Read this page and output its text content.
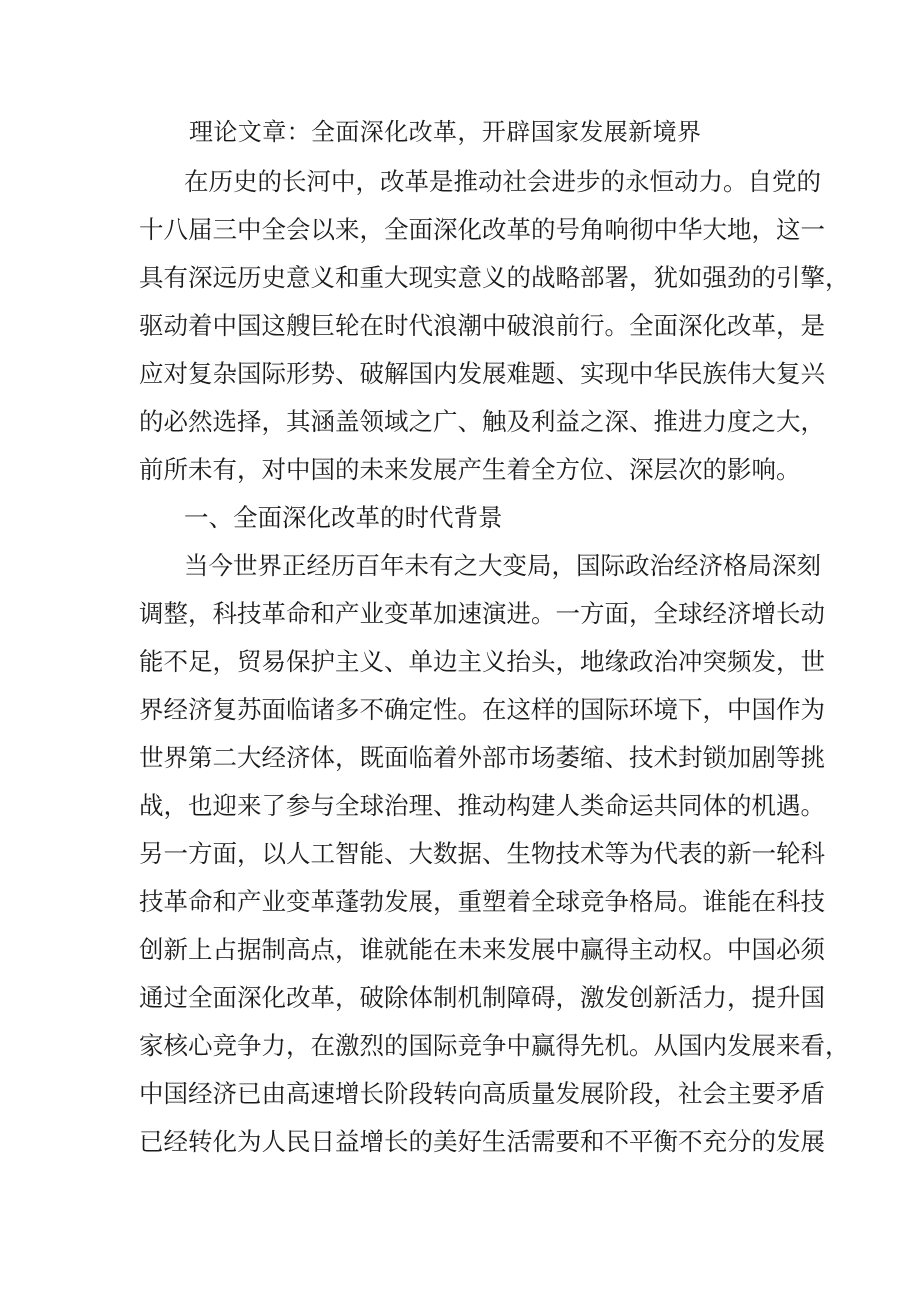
理论文章：全面深化改革，开辟国家发展新境界
在历史的长河中，改革是推动社会进步的永恒动力。自党的
十八届三中全会以来，全面深化改革的号角响彻中华大地，这一
具有深远历史意义和重大现实意义的战略部署，犹如强劲的引擎，
驱动着中国这艘巨轮在时代浪潮中破浪前行。全面深化改革，是
应对复杂国际形势、破解国内发展难题、实现中华民族伟大复兴
的必然选择，其涵盖领域之广、触及利益之深、推进力度之大，
前所未有，对中国的未来发展产生着全方位、深层次的影响。
一、全面深化改革的时代背景
当今世界正经历百年未有之大变局，国际政治经济格局深刻
调整，科技革命和产业变革加速演进。一方面，全球经济增长动
能不足，贸易保护主义、单边主义抬头，地缘政治冲突频发，世
界经济复苏面临诸多不确定性。在这样的国际环境下，中国作为
世界第二大经济体，既面临着外部市场萎缩、技术封锁加剧等挑
战，也迎来了参与全球治理、推动构建人类命运共同体的机遇。
另一方面，以人工智能、大数据、生物技术等为代表的新一轮科
技革命和产业变革蓬勃发展，重塑着全球竞争格局。谁能在科技
创新上占据制高点，谁就能在未来发展中赢得主动权。中国必须
通过全面深化改革，破除体制机制障碍，激发创新活力，提升国
家核心竞争力，在激烈的国际竞争中赢得先机。从国内发展来看，
中国经济已由高速增长阶段转向高质量发展阶段，社会主要矛盾
已经转化为人民日益增长的美好生活需要和不平衡不充分的发展
